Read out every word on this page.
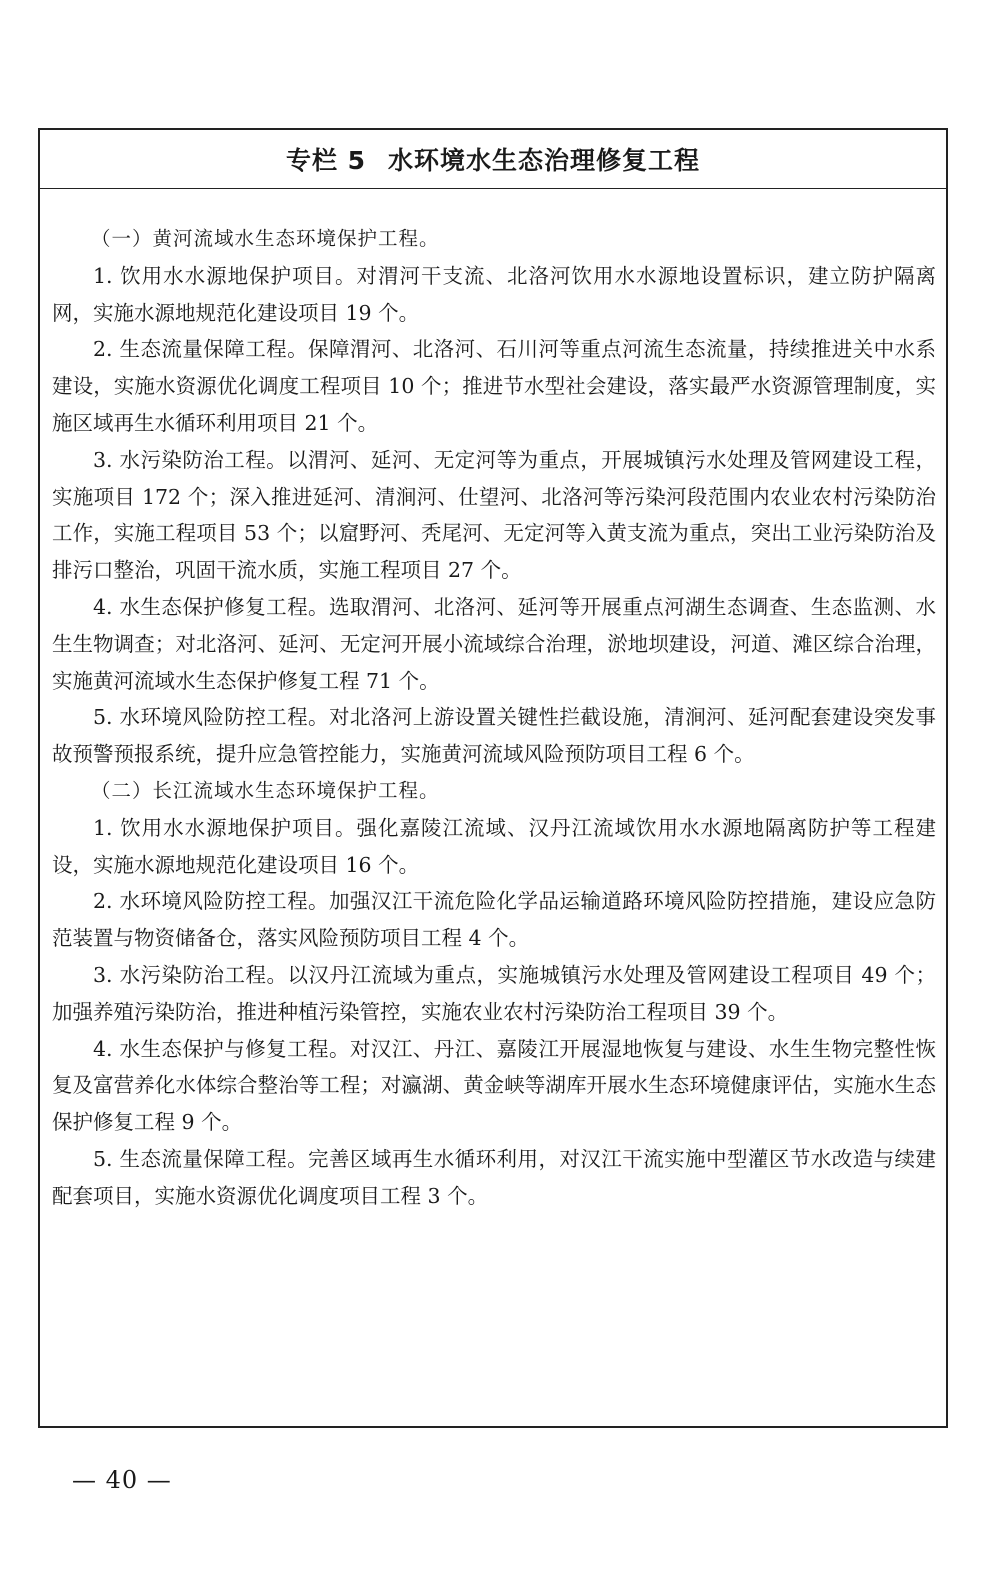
专栏 5 水环境水生态治理修复工程

（一）黄河流域水生态环境保护工程。

1. 饮用水水源地保护项目。对渭河干支流、北洛河饮用水水源地设置标识，建立防护隔离网，实施水源地规范化建设项目 19 个。

2. 生态流量保障工程。保障渭河、北洛河、石川河等重点河流生态流量，持续推进关中水系建设，实施水资源优化调度工程项目 10 个；推进节水型社会建设，落实最严水资源管理制度，实施区域再生水循环利用项目 21 个。

3. 水污染防治工程。以渭河、延河、无定河等为重点，开展城镇污水处理及管网建设工程，实施项目 172 个；深入推进延河、清涧河、仕望河、北洛河等污染河段范围内农业农村污染防治工作，实施工程项目 53 个；以窟野河、秃尾河、无定河等入黄支流为重点，突出工业污染防治及排污口整治，巩固干流水质，实施工程项目 27 个。

4. 水生态保护修复工程。选取渭河、北洛河、延河等开展重点河湖生态调查、生态监测、水生生物调查；对北洛河、延河、无定河开展小流域综合治理，淤地坝建设，河道、滩区综合治理，实施黄河流域水生态保护修复工程 71 个。

5. 水环境风险防控工程。对北洛河上游设置关键性拦截设施，清涧河、延河配套建设突发事故预警预报系统，提升应急管控能力，实施黄河流域风险预防项目工程 6 个。

（二）长江流域水生态环境保护工程。

1. 饮用水水源地保护项目。强化嘉陵江流域、汉丹江流域饮用水水源地隔离防护等工程建设，实施水源地规范化建设项目 16 个。

2. 水环境风险防控工程。加强汉江干流危险化学品运输道路环境风险防控措施，建设应急防范装置与物资储备仓，落实风险预防项目工程 4 个。

3. 水污染防治工程。以汉丹江流域为重点，实施城镇污水处理及管网建设工程项目 49 个；加强养殖污染防治，推进种植污染管控，实施农业农村污染防治工程项目 39 个。

4. 水生态保护与修复工程。对汉江、丹江、嘉陵江开展湿地恢复与建设、水生生物完整性恢复及富营养化水体综合整治等工程；对瀛湖、黄金峡等湖库开展水生态环境健康评估，实施水生态保护修复工程 9 个。

5. 生态流量保障工程。完善区域再生水循环利用，对汉江干流实施中型灌区节水改造与续建配套项目，实施水资源优化调度项目工程 3 个。

— 40 —
